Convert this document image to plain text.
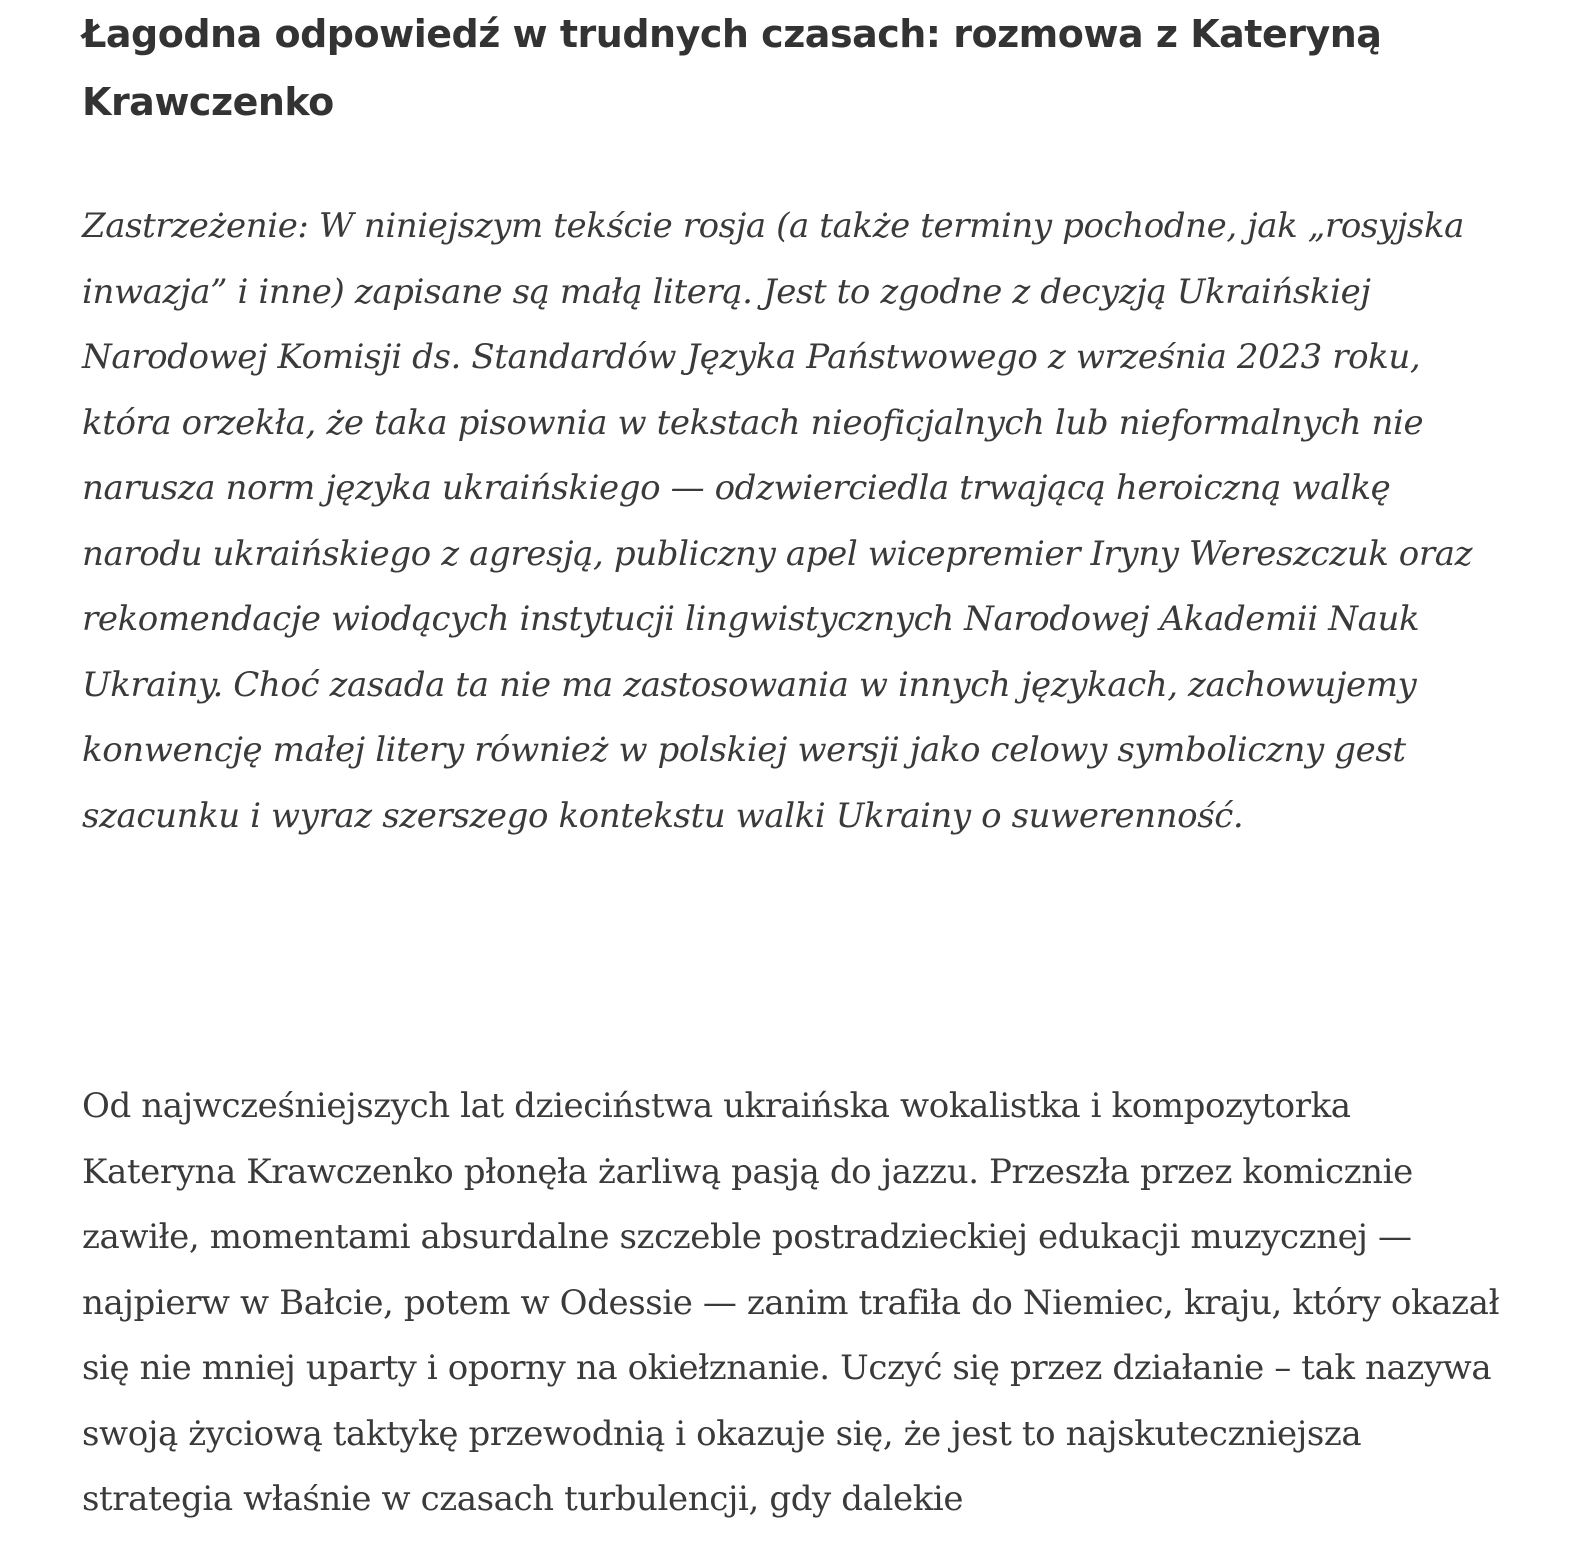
Łagodna odpowiedź w trudnych czasach: rozmowa z Kateryną Krawczenko

Zastrzeżenie: W niniejszym tekście rosja (a także terminy pochodne, jak „rosyjska inwazja” i inne) zapisane są małą literą. Jest to zgodne z decyzją Ukraińskiej Narodowej Komisji ds. Standardów Języka Państwowego z września 2023 roku, która orzekła, że taka pisownia w tekstach nieoficjalnych lub nieformalnych nie narusza norm języka ukraińskiego — odzwierciedla trwającą heroiczną walkę narodu ukraińskiego z agresją, publiczny apel wicepremier Iryny Wereszczuk oraz rekomendacje wiodących instytucji lingwistycznych Narodowej Akademii Nauk Ukrainy. Choć zasada ta nie ma zastosowania w innych językach, zachowujemy konwencję małej litery również w polskiej wersji jako celowy symboliczny gest szacunku i wyraz szerszego kontekstu walki Ukrainy o suwerenność.

Od najwcześniejszych lat dzieciństwa ukraińska wokalistka i kompozytorka Kateryna Krawczenko płonęła żarliwą pasją do jazzu. Przeszła przez komicznie zawiłe, momentami absurdalne szczeble postradzieckiej edukacji muzycznej — najpierw w Bałcie, potem w Odessie — zanim trafiła do Niemiec, kraju, który okazał się nie mniej uparty i oporny na okiełznanie. Uczyć się przez działanie – tak nazywa swoją życiową taktykę przewodnią i okazuje się, że jest to najskuteczniejsza strategia właśnie w czasach turbulencji, gdy dalekie
